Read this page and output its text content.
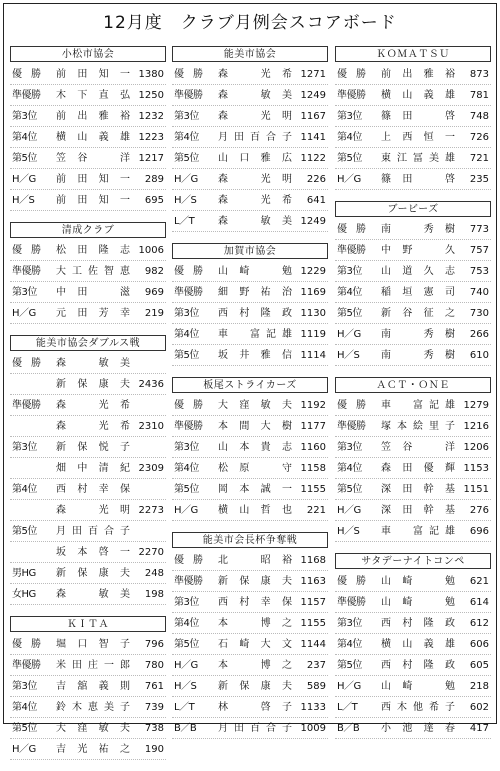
12月度　クラブ月例会スコアボード
小松市協会
優　勝	前田知一 1380
準優勝	木下直弘 1250
第3位	前出雅裕 1232
第4位	横山義雄 1223
第5位	笠谷　洋 1217
H／G	前田知一	289
H／S	前田知一	695
清成クラブ
優　勝	松田隆志 1006
準優勝	大工佐智恵	982
第3位	中田　滋	969
H／G	元田芳幸	219
能美市協会ダブルス戦
優　勝	森　敏美
新保康夫 2436
準優勝	森　光希
森　光希 2310
第3位	新保悦子
畑中清紀 2309
第4位	西村幸保
森　光明 2273
第5位	月田百合子
坂本啓一 2270
男HG	新保康夫	248
女HG	森　敏美	198
ＫＩＴＡ
優　勝	堀口智子	796
準優勝	米田庄一郎	780
第3位	吉舘義則	761
第4位	鈴木恵美子	739
第5位	大窪敏夫	738
H／G	吉光祐之	190
能美市協会
優　勝	森　光希 1271
準優勝	森　敏美 1249
第3位	森　光明 1167
第4位	月田百合子 1141
第5位	山口雅広 1122
H／G	森　光明	226
H／S	森　光希	641
L／T	森　敏美 1249
加賀市協会
優　勝	山崎　勉 1229
準優勝	細野祐治 1169
第3位	西村隆政 1130
第4位	車　富記雄 1119
第5位	坂井雅信 1114
板尾ストライカーズ
優　勝	大窪敏夫 1192
準優勝	本間大樹 1177
第3位	山本貴志 1160
第4位	松原　守 1158
第5位	岡本誠一 1155
H／G	横山哲也	221
能美市会長杯争奪戦
優　勝	北　昭裕 1168
準優勝	新保康夫 1163
第3位	西村幸保 1157
第4位	本　博之 1155
第5位	石崎大文 1144
H／G	本　博之	237
H／S	新保康夫	589
L／T	林　啓子 1133
B／B	月田百合子 1009
ＫＯＭＡＴＳＵ
優　勝	前出雅裕	873
準優勝	横山義雄	781
第3位	篠田　啓	748
第4位	上西恒一	726
第5位	東江冨美雄	721
H／G	篠田　啓	235
ブービーズ
優　勝	南　秀樹	773
準優勝	中野　久	757
第3位	山道久志	753
第4位	稲垣憲司	740
第5位	新谷征之	730
H／G	南　秀樹	266
H／S	南　秀樹	610
ＡＣＴ・ＯＮＥ
優　勝	車　富記雄 1279
準優勝	塚本絵里子 1216
第3位	笠谷　洋 1206
第4位	森田優輝 1153
第5位	深田幹基 1151
H／G	深田幹基	276
H／S	車　富記雄	696
サタデーナイトコンペ
優　勝	山崎　勉	621
準優勝	山崎　勉	614
第3位	西村隆政	612
第4位	横山義雄	606
第5位	西村隆政	605
H／G	山崎　勉	218
L／T	西木他希子	602
B／B	小池達春	417
